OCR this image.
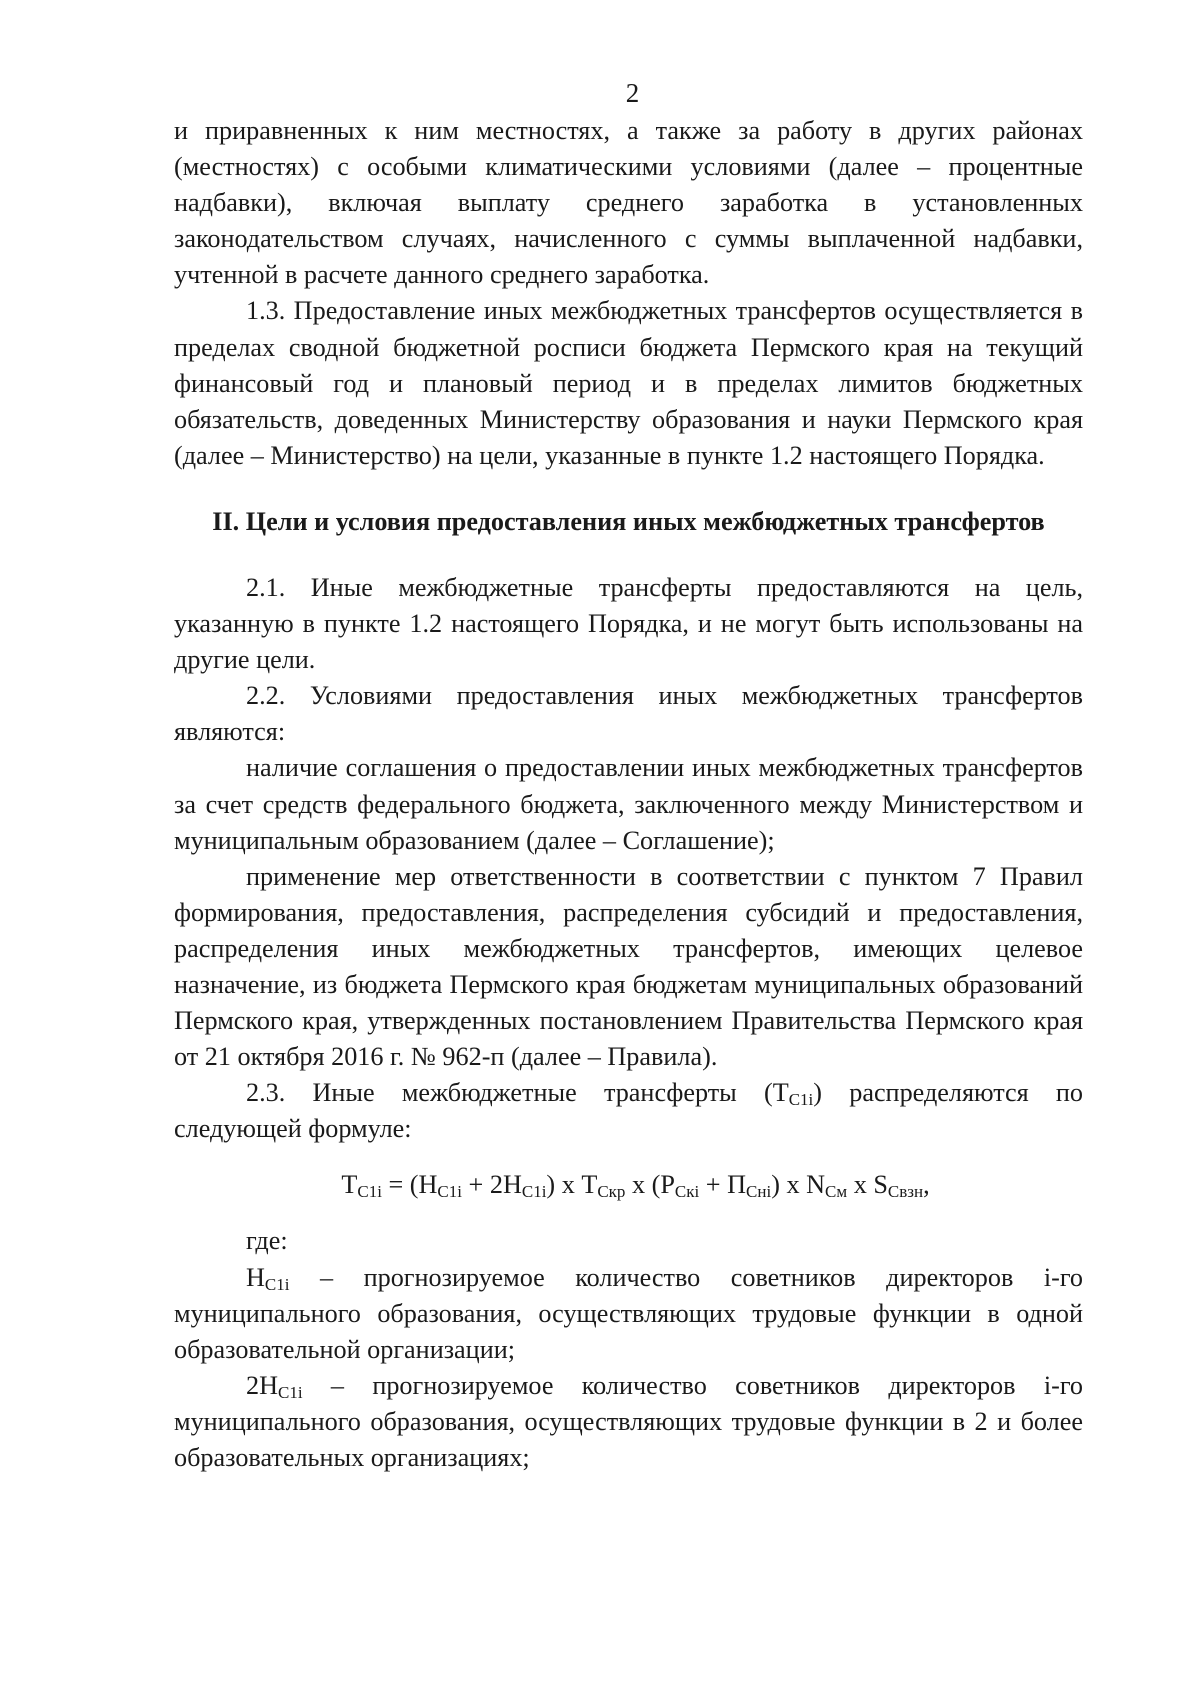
2

и приравненных к ним местностях, а также за работу в других районах (местностях) с особыми климатическими условиями (далее – процентные надбавки), включая выплату среднего заработка в установленных законодательством случаях, начисленного с суммы выплаченной надбавки, учтенной в расчете данного среднего заработка.

1.3. Предоставление иных межбюджетных трансфертов осуществляется в пределах сводной бюджетной росписи бюджета Пермского края на текущий финансовый год и плановый период и в пределах лимитов бюджетных обязательств, доведенных Министерству образования и науки Пермского края (далее – Министерство) на цели, указанные в пункте 1.2 настоящего Порядка.

II. Цели и условия предоставления иных межбюджетных трансфертов

2.1. Иные межбюджетные трансферты предоставляются на цель, указанную в пункте 1.2 настоящего Порядка, и не могут быть использованы на другие цели.

2.2. Условиями предоставления иных межбюджетных трансфертов являются:

наличие соглашения о предоставлении иных межбюджетных трансфертов за счет средств федерального бюджета, заключенного между Министерством и муниципальным образованием (далее – Соглашение);

применение мер ответственности в соответствии с пунктом 7 Правил формирования, предоставления, распределения субсидий и предоставления, распределения иных межбюджетных трансфертов, имеющих целевое назначение, из бюджета Пермского края бюджетам муниципальных образований Пермского края, утвержденных постановлением Правительства Пермского края от 21 октября 2016 г. № 962-п (далее – Правила).

2.3. Иные межбюджетные трансферты $(Т_{C1i})$ распределяются по следующей формуле:

$Т_{C1i} = (Н_{C1i} + 2Н_{C1i})$ х $Т_{Скр}$ х $(Р_{Скi} + П_{Снi})$ х $N_{См}$ х $S_{Свзн}$,

где:

$Н_{C1i}$ – прогнозируемое количество советников директоров i-го муниципального образования, осуществляющих трудовые функции в одной образовательной организации;

$2Н_{C1i}$ – прогнозируемое количество советников директоров i-го муниципального образования, осуществляющих трудовые функции в 2 и более образовательных организациях;
